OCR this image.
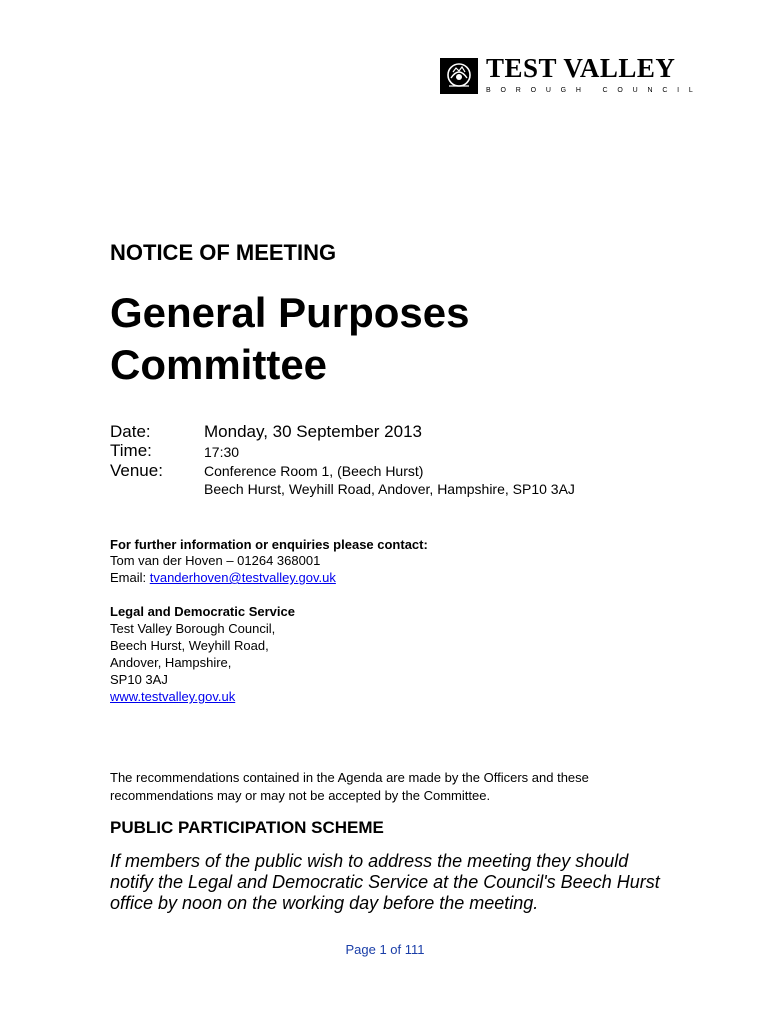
TEST VALLEY
BOROUGH COUNCIL
NOTICE OF MEETING
General Purposes Committee
Date:	Monday, 30 September 2013
Time:	17:30
Venue:	Conference Room 1, (Beech Hurst)
Beech Hurst, Weyhill Road, Andover, Hampshire, SP10 3AJ
For further information or enquiries please contact:
Tom van der Hoven – 01264 368001
Email: tvanderhoven@testvalley.gov.uk
Legal and Democratic Service
Test Valley Borough Council,
Beech Hurst, Weyhill Road,
Andover, Hampshire,
SP10 3AJ
www.testvalley.gov.uk
The recommendations contained in the Agenda are made by the Officers and these recommendations may or may not be accepted by the Committee.
PUBLIC PARTICIPATION SCHEME
If members of the public wish to address the meeting they should notify the Legal and Democratic Service at the Council's Beech Hurst office by noon on the working day before the meeting.
Page 1 of 111
